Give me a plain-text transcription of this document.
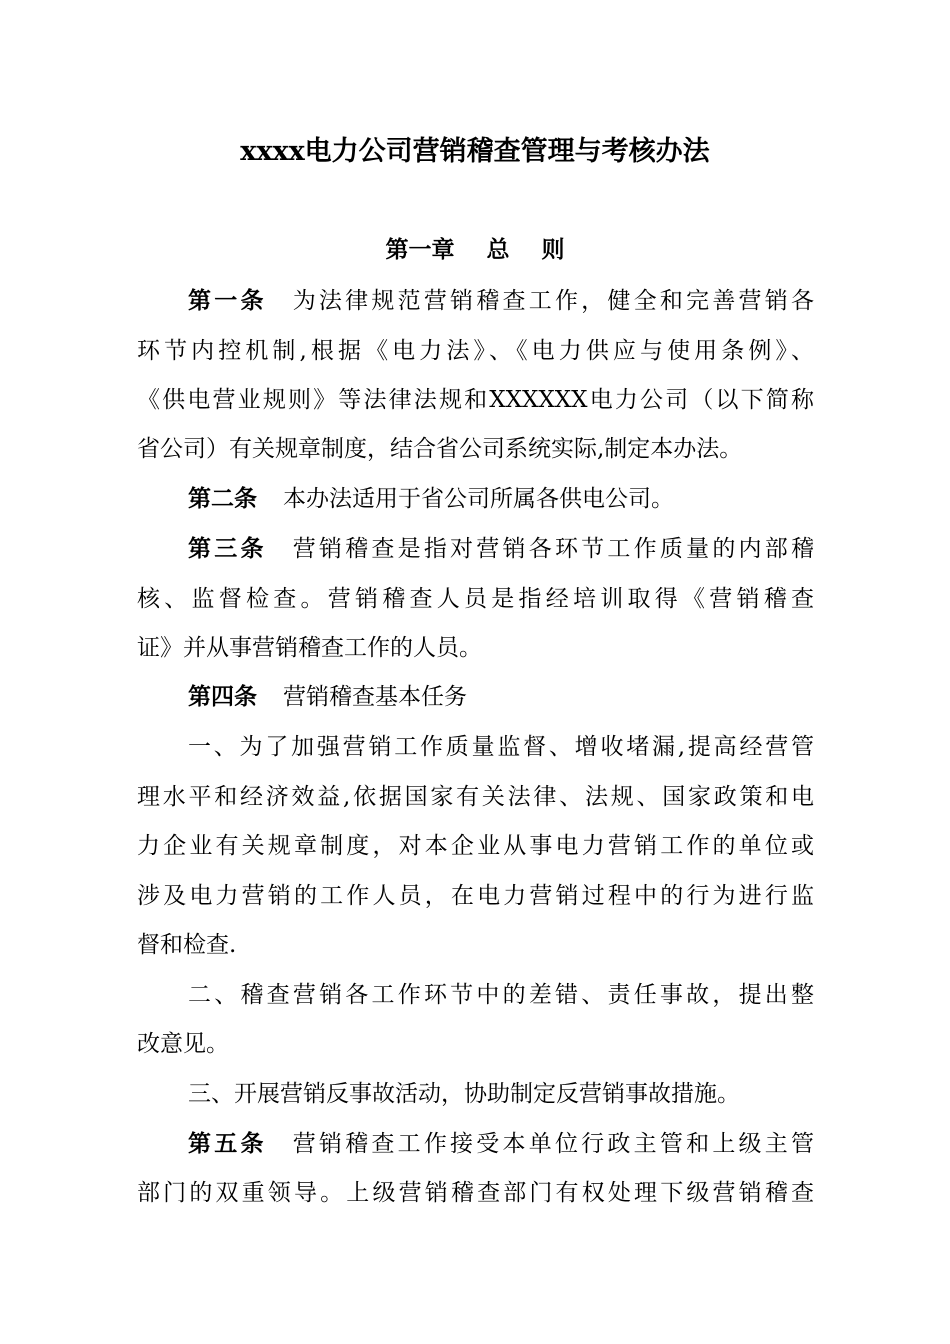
xxxx电力公司营销稽查管理与考核办法
第一章    总    则
第一条 为法律规范营销稽查工作，健全和完善营销各
环节内控机制,根据《电力法》、《电力供应与使用条例》、
《供电营业规则》等法律法规和XXXXXX电力公司（以下简称
省公司）有关规章制度，结合省公司系统实际,制定本办法。
第二条 本办法适用于省公司所属各供电公司。
第三条 营销稽查是指对营销各环节工作质量的内部稽
核、监督检查。营销稽查人员是指经培训取得《营销稽查
证》并从事营销稽查工作的人员。
第四条 营销稽查基本任务
一、为了加强营销工作质量监督、增收堵漏,提高经营管
理水平和经济效益,依据国家有关法律、法规、国家政策和电
力企业有关规章制度，对本企业从事电力营销工作的单位或
涉及电力营销的工作人员，在电力营销过程中的行为进行监
督和检查.
二、稽查营销各工作环节中的差错、责任事故，提出整
改意见。
三、开展营销反事故活动，协助制定反营销事故措施。
第五条 营销稽查工作接受本单位行政主管和上级主管
部门的双重领导。上级营销稽查部门有权处理下级营销稽查
